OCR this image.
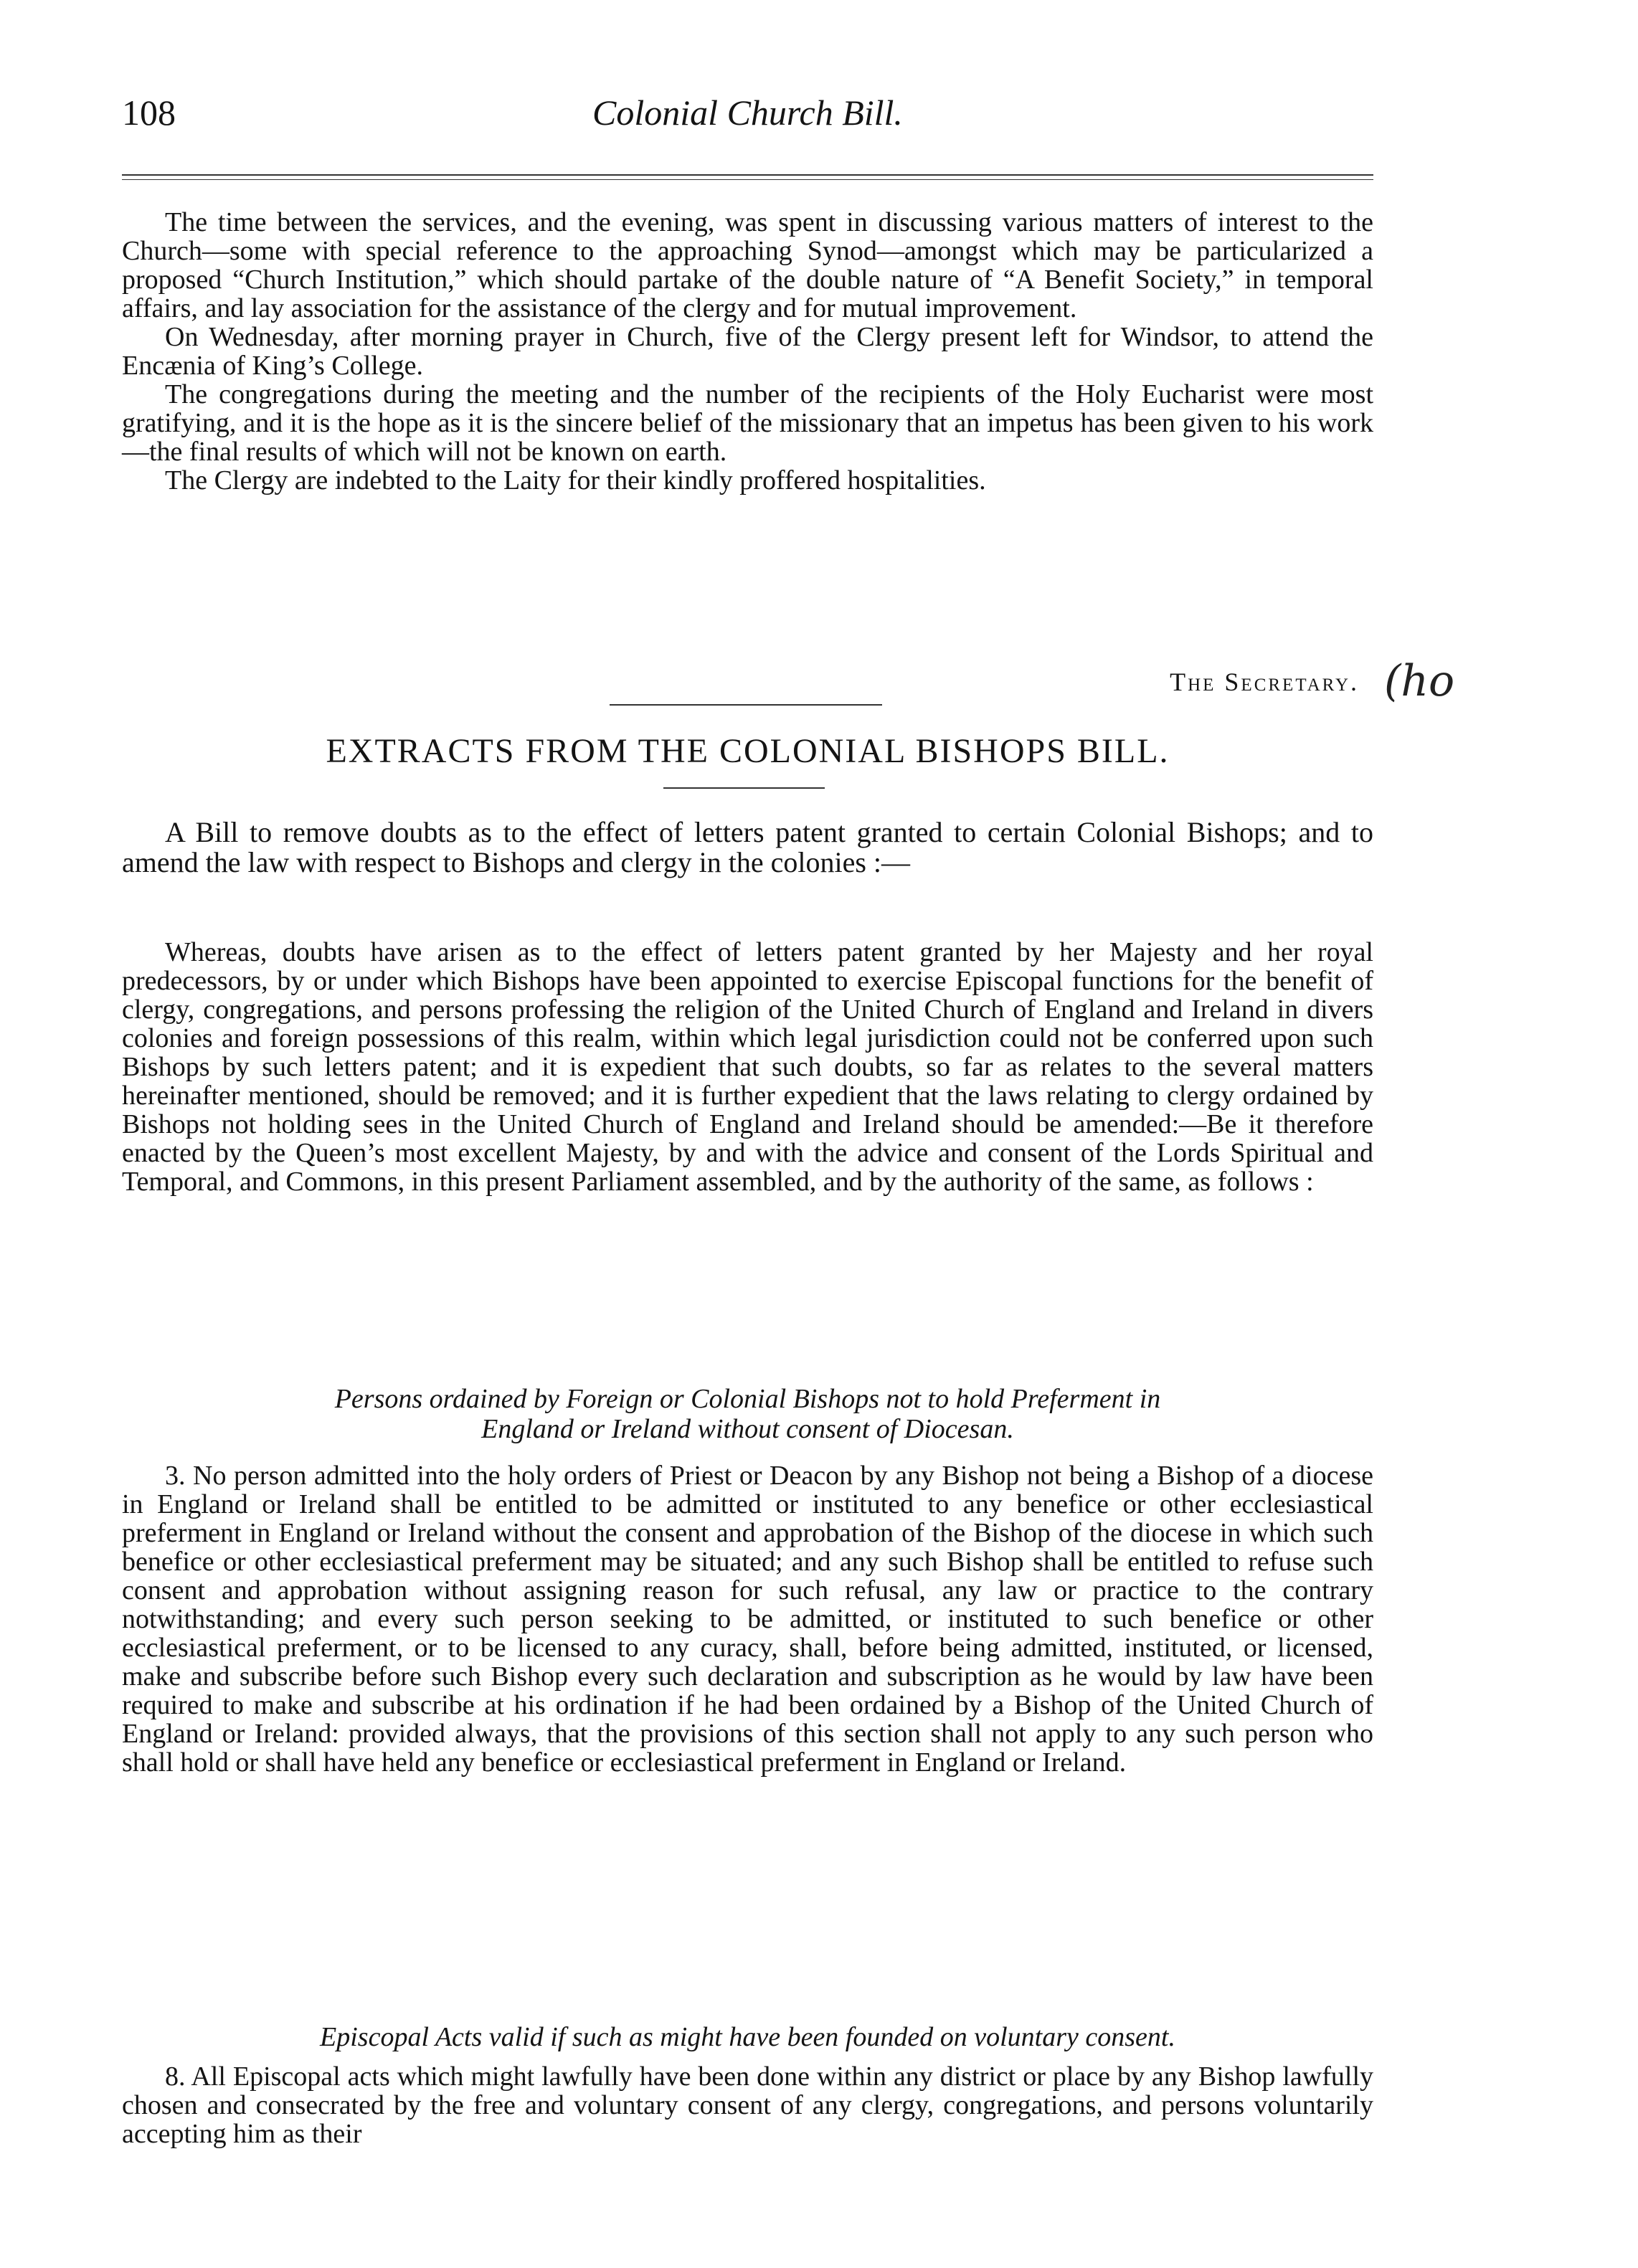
108	Colonial Church Bill.

The time between the services, and the evening, was spent in discussing various matters of interest to the Church—some with special reference to the approaching Synod—amongst which may be particularized a proposed “Church Institution,” which should partake of the double nature of “A Benefit Society,” in temporal affairs, and lay association for the assistance of the clergy and for mutual improvement.

On Wednesday, after morning prayer in Church, five of the Clergy present left for Windsor, to attend the Encænia of King’s College.

The congregations during the meeting and the number of the recipients of the Holy Eucharist were most gratifying, and it is the hope as it is the sincere belief of the missionary that an impetus has been given to his work—the final results of which will not be known on earth.

The Clergy are indebted to the Laity for their kindly proffered hospitalities.

The Secretary.
EXTRACTS FROM THE COLONIAL BISHOPS BILL.

A Bill to remove doubts as to the effect of letters patent granted to certain Colonial Bishops; and to amend the law with respect to Bishops and clergy in the colonies :—

Whereas, doubts have arisen as to the effect of letters patent granted by her Majesty and her royal predecessors, by or under which Bishops have been appointed to exercise Episcopal functions for the benefit of clergy, congregations, and persons professing the religion of the United Church of England and Ireland in divers colonies and foreign possessions of this realm, within which legal jurisdiction could not be conferred upon such Bishops by such letters patent; and it is expedient that such doubts, so far as relates to the several matters hereinafter mentioned, should be removed; and it is further expedient that the laws relating to clergy ordained by Bishops not holding sees in the United Church of England and Ireland should be amended:—Be it therefore enacted by the Queen’s most excellent Majesty, by and with the advice and consent of the Lords Spiritual and Temporal, and Commons, in this present Parliament assembled, and by the authority of the same, as follows :

Persons ordained by Foreign or Colonial Bishops not to hold Preferment in
England or Ireland without consent of Diocesan.

3. No person admitted into the holy orders of Priest or Deacon by any Bishop not being a Bishop of a diocese in England or Ireland shall be entitled to be admitted or instituted to any benefice or other ecclesiastical preferment in England or Ireland without the consent and approbation of the Bishop of the diocese in which such benefice or other ecclesiastical preferment may be situated; and any such Bishop shall be entitled to refuse such consent and approbation without assigning reason for such refusal, any law or practice to the contrary notwithstanding; and every such person seeking to be admitted, or instituted to such benefice or other ecclesiastical preferment, or to be licensed to any curacy, shall, before being admitted, instituted, or licensed, make and subscribe before such Bishop every such declaration and subscription as he would by law have been required to make and subscribe at his ordination if he had been ordained by a Bishop of the United Church of England or Ireland: provided always, that the provisions of this section shall not apply to any such person who shall hold or shall have held any benefice or ecclesiastical preferment in England or Ireland.

Episcopal Acts valid if such as might have been founded on voluntary consent.

8. All Episcopal acts which might lawfully have been done within any district or place by any Bishop lawfully chosen and consecrated by the free and voluntary consent of any clergy, congregations, and persons voluntarily accepting him as their

(ho
